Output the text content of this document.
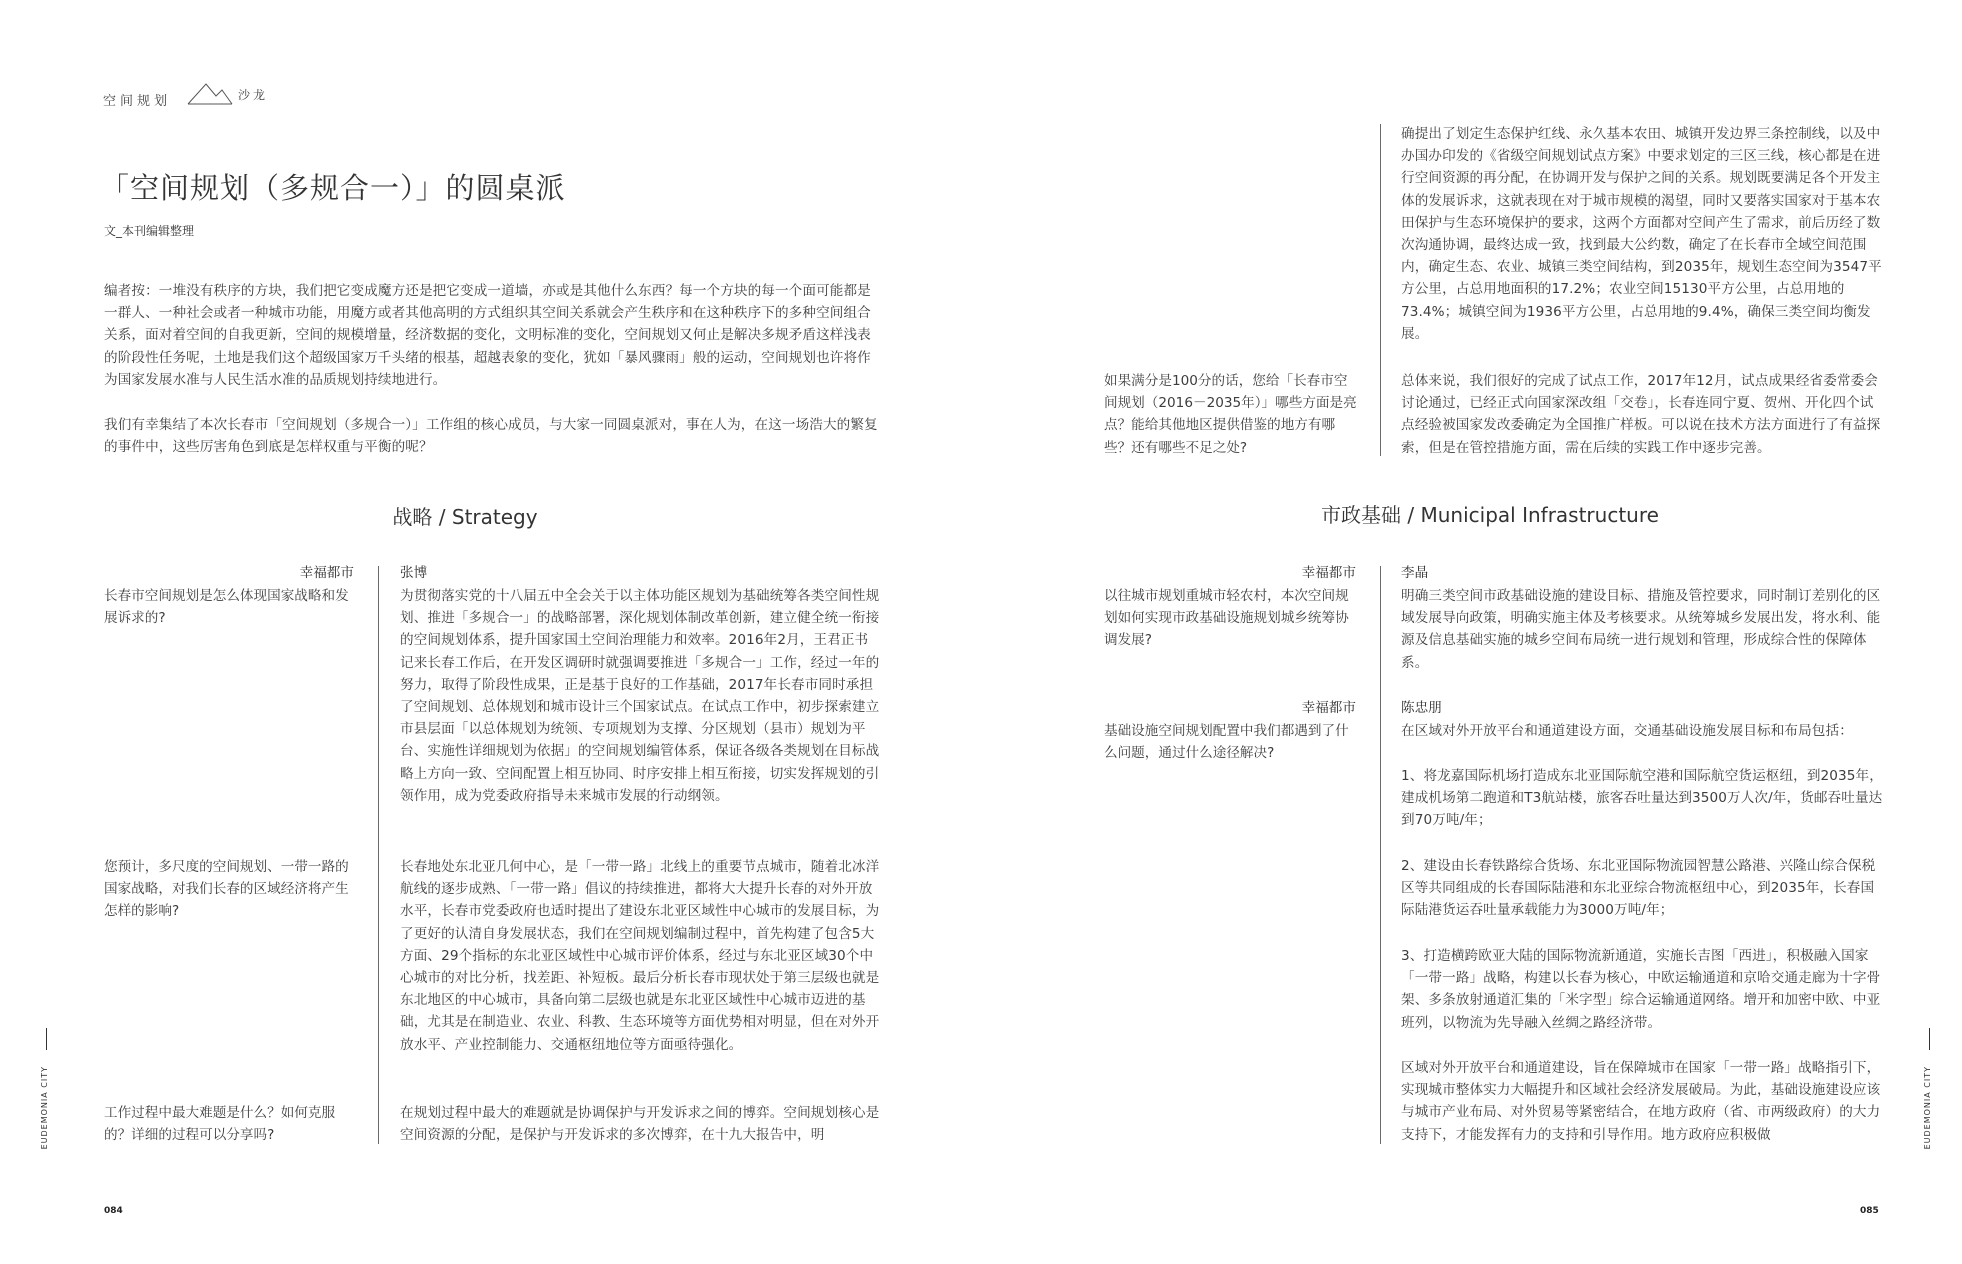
空间规划	沙龙
「空间规划（多规合一）」的圆桌派
文_本刊编辑整理
编者按：一堆没有秩序的方块，我们把它变成魔方还是把它变成一道墙，亦或是其他什么东西？每一个方块的每一个面可能都是一群人、一种社会或者一种城市功能，用魔方或者其他高明的方式组织其空间关系就会产生秩序和在这种秩序下的多种空间组合关系，面对着空间的自我更新，空间的规模增量，经济数据的变化，文明标准的变化，空间规划又何止是解决多规矛盾这样浅表的阶段性任务呢，土地是我们这个超级国家万千头绪的根基，超越表象的变化，犹如「暴风骤雨」般的运动，空间规划也许将作为国家发展水准与人民生活水准的品质规划持续地进行。
我们有幸集结了本次长春市「空间规划（多规合一）」工作组的核心成员，与大家一同圆桌派对，事在人为，在这一场浩大的繁复的事件中，这些厉害角色到底是怎样权重与平衡的呢？
战略 / Strategy
幸福都市	张博
长春市空间规划是怎么体现国家战略和发展诉求的?
为贯彻落实党的十八届五中全会关于以主体功能区规划为基础统筹各类空间性规划、推进「多规合一」的战略部署，深化规划体制改革创新，建立健全统一衔接的空间规划体系，提升国家国土空间治理能力和效率。2016年2月，王君正书记来长春工作后，在开发区调研时就强调要推进「多规合一」工作，经过一年的努力，取得了阶段性成果，正是基于良好的工作基础，2017年长春市同时承担了空间规划、总体规划和城市设计三个国家试点。在试点工作中，初步探索建立市县层面「以总体规划为统领、专项规划为支撑、分区规划（县市）规划为平台、实施性详细规划为依据」的空间规划编管体系，保证各级各类规划在目标战略上方向一致、空间配置上相互协同、时序安排上相互衔接，切实发挥规划的引领作用，成为党委政府指导未来城市发展的行动纲领。
您预计，多尺度的空间规划、一带一路的国家战略，对我们长春的区域经济将产生怎样的影响?
长春地处东北亚几何中心，是「一带一路」北线上的重要节点城市，随着北冰洋航线的逐步成熟、「一带一路」倡议的持续推进，都将大大提升长春的对外开放水平，长春市党委政府也适时提出了建设东北亚区域性中心城市的发展目标，为了更好的认清自身发展状态，我们在空间规划编制过程中，首先构建了包含5大方面、29个指标的东北亚区域性中心城市评价体系，经过与东北亚区域30个中心城市的对比分析，找差距、补短板。最后分析长春市现状处于第三层级也就是东北地区的中心城市，具备向第二层级也就是东北亚区域性中心城市迈进的基础，尤其是在制造业、农业、科教、生态环境等方面优势相对明显，但在对外开放水平、产业控制能力、交通枢纽地位等方面亟待强化。
工作过程中最大难题是什么？如何克服的？详细的过程可以分享吗?
在规划过程中最大的难题就是协调保护与开发诉求之间的博弈。空间规划核心是空间资源的分配，是保护与开发诉求的多次博弈，在十九大报告中，明
确提出了划定生态保护红线、永久基本农田、城镇开发边界三条控制线，以及中办国办印发的《省级空间规划试点方案》中要求划定的三区三线，核心都是在进行空间资源的再分配，在协调开发与保护之间的关系。规划既要满足各个开发主体的发展诉求，这就表现在对于城市规模的渴望，同时又要落实国家对于基本农田保护与生态环境保护的要求，这两个方面都对空间产生了需求，前后历经了数次沟通协调，最终达成一致，找到最大公约数，确定了在长春市全域空间范围内，确定生态、农业、城镇三类空间结构，到2035年，规划生态空间为3547平方公里，占总用地面积的17.2%；农业空间15130平方公里，占总用地的73.4%；城镇空间为1936平方公里，占总用地的9.4%，确保三类空间均衡发展。
如果满分是100分的话，您给「长春市空间规划（2016－2035年）」哪些方面是亮点？能给其他地区提供借鉴的地方有哪些？还有哪些不足之处?
总体来说，我们很好的完成了试点工作，2017年12月，试点成果经省委常委会讨论通过，已经正式向国家深改组「交卷」，长春连同宁夏、贺州、开化四个试点经验被国家发改委确定为全国推广样板。可以说在技术方法方面进行了有益探索，但是在管控措施方面，需在后续的实践工作中逐步完善。
市政基础 / Municipal Infrastructure
幸福都市	李晶
以往城市规划重城市轻农村，本次空间规划如何实现市政基础设施规划城乡统筹协调发展?
明确三类空间市政基础设施的建设目标、措施及管控要求，同时制订差别化的区域发展导向政策，明确实施主体及考核要求。从统筹城乡发展出发，将水利、能源及信息基础实施的城乡空间布局统一进行规划和管理，形成综合性的保障体系。
幸福都市	陈忠朋
基础设施空间规划配置中我们都遇到了什么问题，通过什么途径解决?
在区域对外开放平台和通道建设方面，交通基础设施发展目标和布局包括：
1、将龙嘉国际机场打造成东北亚国际航空港和国际航空货运枢纽，到2035年，建成机场第二跑道和T3航站楼，旅客吞吐量达到3500万人次/年，货邮吞吐量达到70万吨/年；
2、建设由长春铁路综合货场、东北亚国际物流园智慧公路港、兴隆山综合保税区等共同组成的长春国际陆港和东北亚综合物流枢纽中心，到2035年，长春国际陆港货运吞吐量承载能力为3000万吨/年；
3、打造横跨欧亚大陆的国际物流新通道，实施长吉图「西进」，积极融入国家「一带一路」战略，构建以长春为核心，中欧运输通道和京哈交通走廊为十字骨架、多条放射通道汇集的「米字型」综合运输通道网络。增开和加密中欧、中亚班列，以物流为先导融入丝绸之路经济带。
区域对外开放平台和通道建设，旨在保障城市在国家「一带一路」战略指引下，实现城市整体实力大幅提升和区域社会经济发展破局。为此，基础设施建设应该与城市产业布局、对外贸易等紧密结合，在地方政府（省、市两级政府）的大力支持下，才能发挥有力的支持和引导作用。地方政府应积极做
084	085
EUDEMONIA CITY	EUDEMONIA CITY
